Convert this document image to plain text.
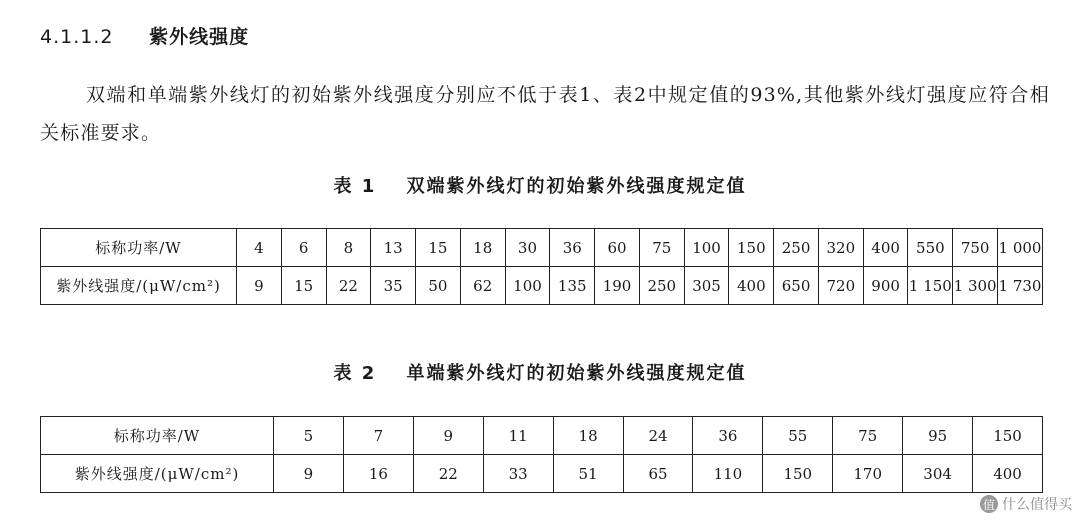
4.1.1.2 紫外线强度
双端和单端紫外线灯的初始紫外线强度分别应不低于表1、表2中规定值的93%,其他紫外线灯强度应符合相关标准要求。
表 1 双端紫外线灯的初始紫外线强度规定值
标称功率/W	4	6	8	13	15	18	30	36	60	75	100	150	250	320	400	550	750	1 000
紫外线强度/(μW/cm²)	9	15	22	35	50	62	100	135	190	250	305	400	650	720	900	1 150	1 300	1 730
表 2 单端紫外线灯的初始紫外线强度规定值
标称功率/W	5	7	9	11	18	24	36	55	75	95	150
紫外线强度/(μW/cm²)	9	16	22	33	51	65	110	150	170	304	400
值 什么值得买
